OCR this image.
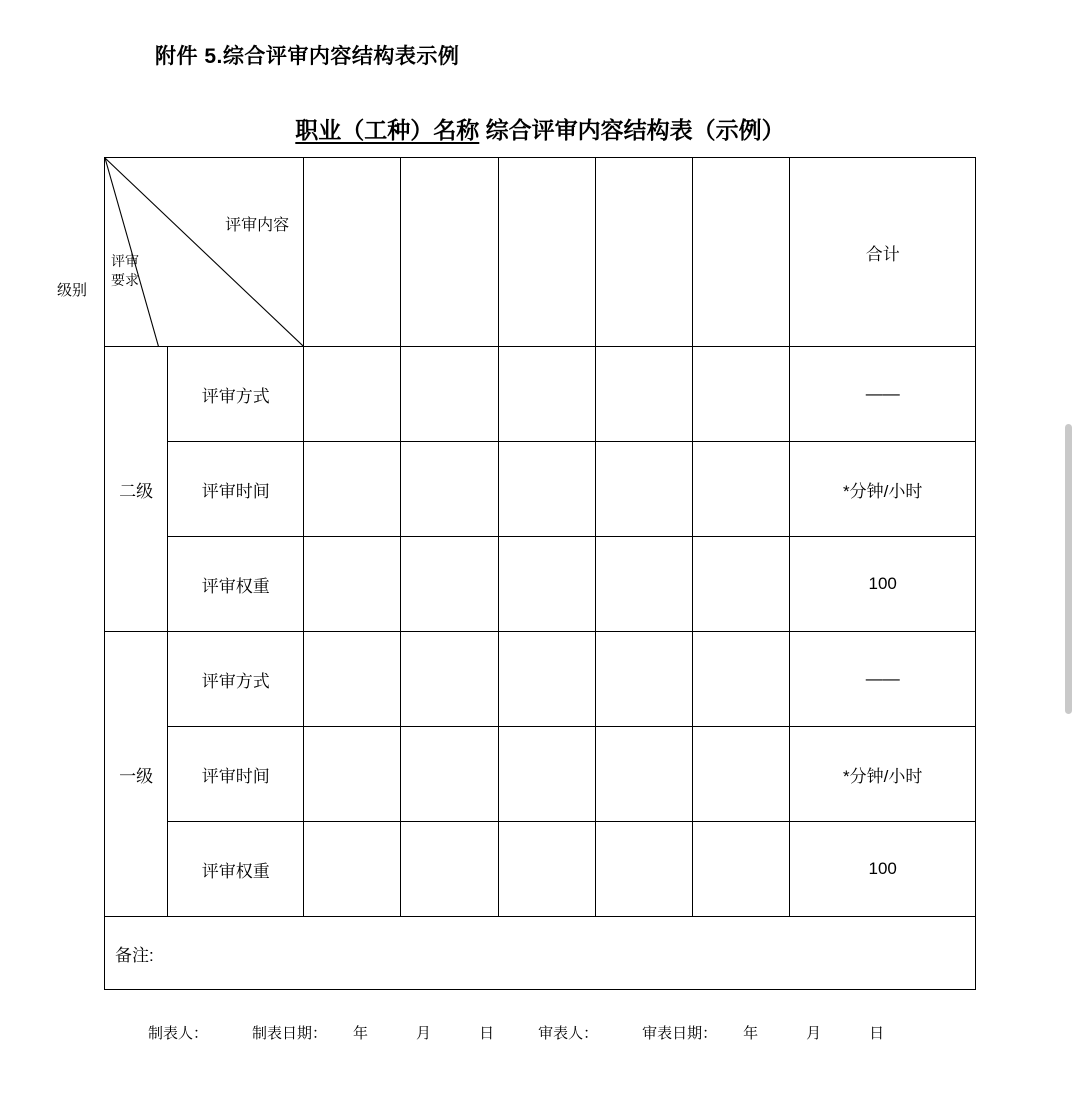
附件 5.综合评审内容结构表示例
职业（工种）名称 综合评审内容结构表（示例）
评审内容
评审
要求
级别							合计
二级	评审方式						——
	评审时间						*分钟/小时
	评审权重						100
一级	评审方式						——
	评审时间						*分钟/小时
	评审权重						100
备注:							
制表人：	制表日期： 年	月	日	审表人：	审表日期： 年	月	日
